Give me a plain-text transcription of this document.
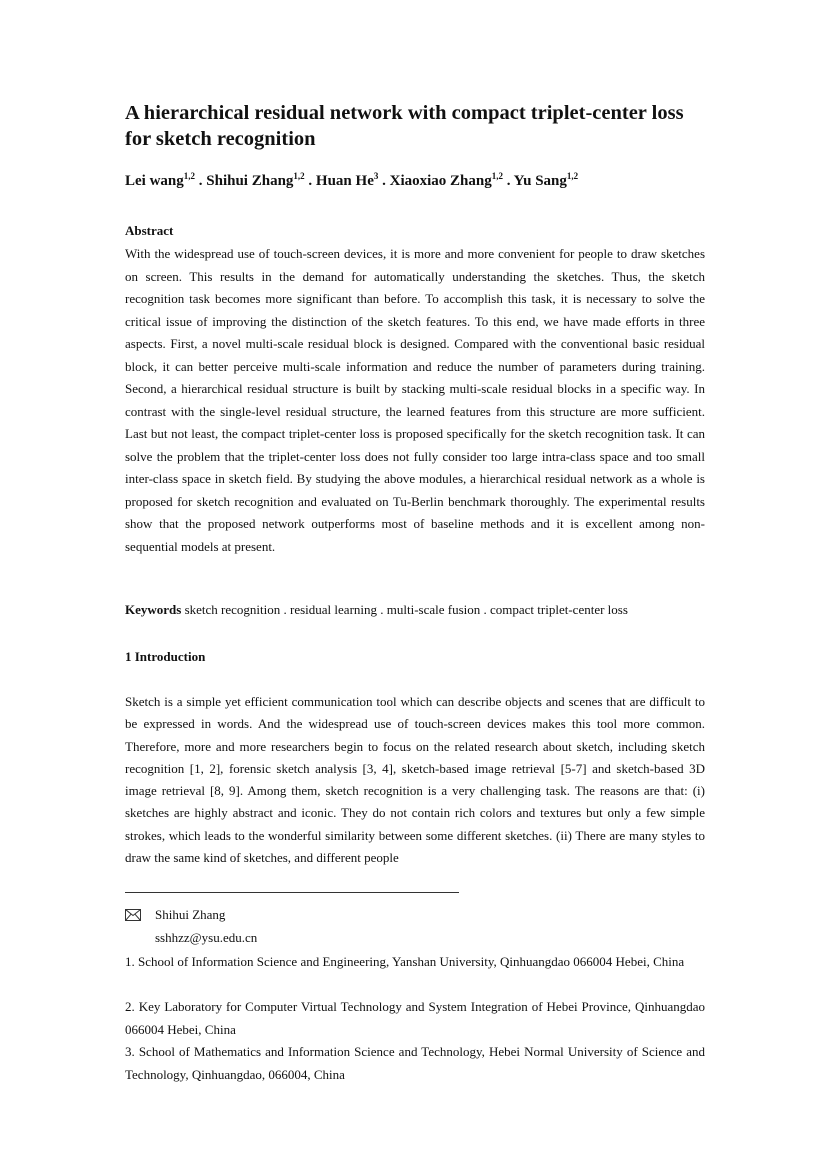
A hierarchical residual network with compact triplet-center loss for sketch recognition
Lei wang$^{1,2}$ . Shihui Zhang$^{1,2}$ . Huan He$^3$ . Xiaoxiao Zhang$^{1,2}$ . Yu Sang$^{1,2}$
Abstract

With the widespread use of touch-screen devices, it is more and more convenient for people to draw sketches on screen. This results in the demand for automatically understanding the sketches. Thus, the sketch recognition task becomes more significant than before. To accomplish this task, it is necessary to solve the critical issue of improving the distinction of the sketch features. To this end, we have made efforts in three aspects. First, a novel multi-scale residual block is designed. Compared with the conventional basic residual block, it can better perceive multi-scale information and reduce the number of parameters during training. Second, a hierarchical residual structure is built by stacking multi-scale residual blocks in a specific way. In contrast with the single-level residual structure, the learned features from this structure are more sufficient. Last but not least, the compact triplet-center loss is proposed specifically for the sketch recognition task. It can solve the problem that the triplet-center loss does not fully consider too large intra-class space and too small inter-class space in sketch field. By studying the above modules, a hierarchical residual network as a whole is proposed for sketch recognition and evaluated on Tu-Berlin benchmark thoroughly. The experimental results show that the proposed network outperforms most of baseline methods and it is excellent among non-sequential models at present.

Keywords sketch recognition . residual learning . multi-scale fusion . compact triplet-center loss
1 Introduction

Sketch is a simple yet efficient communication tool which can describe objects and scenes that are difficult to be expressed in words. And the widespread use of touch-screen devices makes this tool more common. Therefore, more and more researchers begin to focus on the related research about sketch, including sketch recognition [1, 2], forensic sketch analysis [3, 4], sketch-based image retrieval [5-7] and sketch-based 3D image retrieval [8, 9]. Among them, sketch recognition is a very challenging task. The reasons are that: (i) sketches are highly abstract and iconic. They do not contain rich colors and textures but only a few simple strokes, which leads to the wonderful similarity between some different sketches. (ii) There are many styles to draw the same kind of sketches, and different people

Shihui Zhang
sshhzz@ysu.edu.cn

1. School of Information Science and Engineering, Yanshan University, Qinhuangdao 066004 Hebei, China

2. Key Laboratory for Computer Virtual Technology and System Integration of Hebei Province, Qinhuangdao 066004 Hebei, China

3. School of Mathematics and Information Science and Technology, Hebei Normal University of Science and Technology, Qinhuangdao, 066004, China
